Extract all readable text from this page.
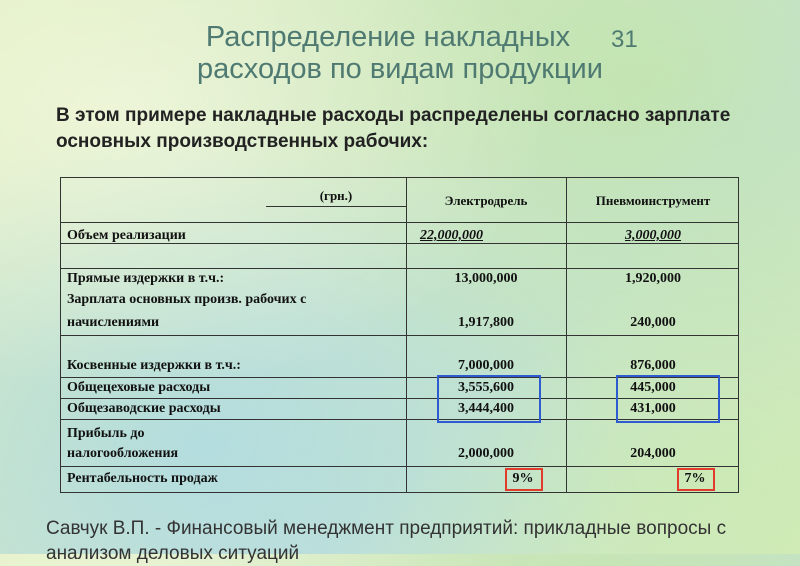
Распределение накладных
расходов по видам продукции
31
В этом примере накладные расходы распределены согласно зарплате основных производственных рабочих:
(грн.)	Электродрель	Пневмоинструмент
Объем реализации	22,000,000	3,000,000
Прямые издержки в т.ч.:	13,000,000	1,920,000
Зарплата основных произв. рабочих с
начислениями	1,917,800	240,000
Косвенные издержки в т.ч.:	7,000,000	876,000
Общецеховые расходы	3,555,600	445,000
Общезаводские расходы	3,444,400	431,000
Прибыль до
налогообложения	2,000,000	204,000
Рентабельность продаж	9%	7%
Савчук В.П. - Финансовый менеджмент предприятий: прикладные вопросы с анализом деловых ситуаций
